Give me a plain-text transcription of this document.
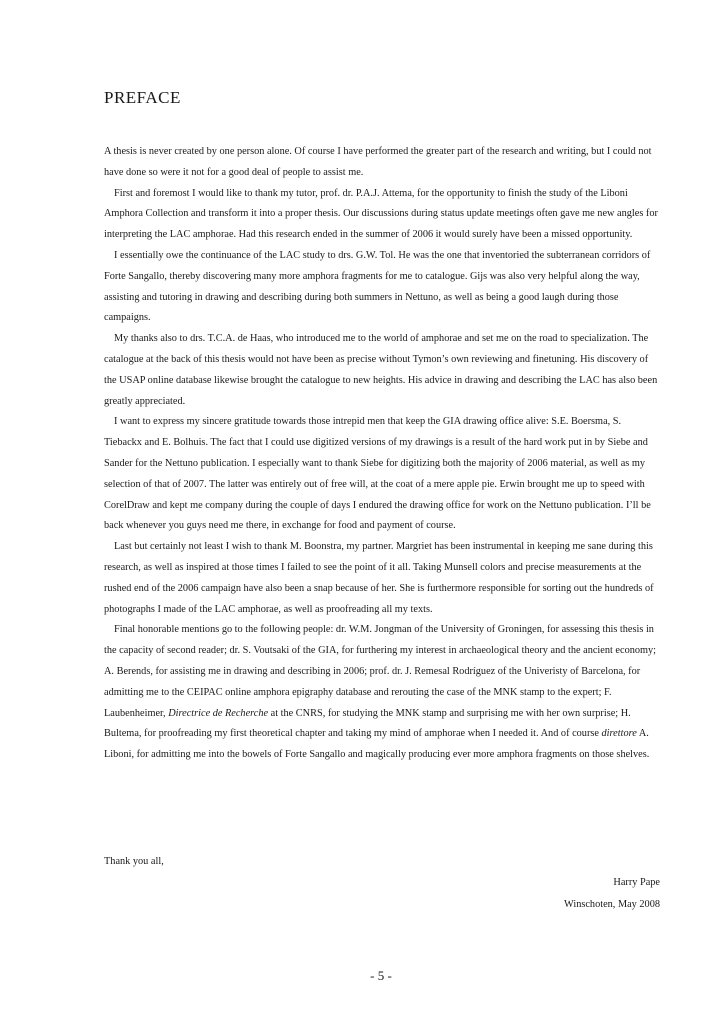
PREFACE

A thesis is never created by one person alone. Of course I have performed the greater part of the research and writing, but I could not have done so were it not for a good deal of people to assist me.

First and foremost I would like to thank my tutor, prof. dr. P.A.J. Attema, for the opportunity to finish the study of the Liboni Amphora Collection and transform it into a proper thesis. Our discussions during status update meetings often gave me new angles for interpreting the LAC amphorae. Had this research ended in the summer of 2006 it would surely have been a missed opportunity.

I essentially owe the continuance of the LAC study to drs. G.W. Tol. He was the one that inventoried the subterranean corridors of Forte Sangallo, thereby discovering many more amphora fragments for me to catalogue. Gijs was also very helpful along the way, assisting and tutoring in drawing and describing during both summers in Nettuno, as well as being a good laugh during those campaigns.

My thanks also to drs. T.C.A. de Haas, who introduced me to the world of amphorae and set me on the road to specialization. The catalogue at the back of this thesis would not have been as precise without Tymon’s own reviewing and finetuning. His discovery of the USAP online database likewise brought the catalogue to new heights. His advice in drawing and describing the LAC has also been greatly appreciated.

I want to express my sincere gratitude towards those intrepid men that keep the GIA drawing office alive: S.E. Boersma, S. Tiebackx and E. Bolhuis. The fact that I could use digitized versions of my drawings is a result of the hard work put in by Siebe and Sander for the Nettuno publication. I especially want to thank Siebe for digitizing both the majority of 2006 material, as well as my selection of that of 2007. The latter was entirely out of free will, at the coat of a mere apple pie. Erwin brought me up to speed with CorelDraw and kept me company during the couple of days I endured the drawing office for work on the Nettuno publication. I’ll be back whenever you guys need me there, in exchange for food and payment of course.

Last but certainly not least I wish to thank M. Boonstra, my partner. Margriet has been instrumental in keeping me sane during this research, as well as inspired at those times I failed to see the point of it all. Taking Munsell colors and precise measurements at the rushed end of the 2006 campaign have also been a snap because of her. She is furthermore responsible for sorting out the hundreds of photographs I made of the LAC amphorae, as well as proofreading all my texts.

Final honorable mentions go to the following people: dr. W.M. Jongman of the University of Groningen, for assessing this thesis in the capacity of second reader; dr. S. Voutsaki of the GIA, for furthering my interest in archaeological theory and the ancient economy; A. Berends, for assisting me in drawing and describing in 2006; prof. dr. J. Remesal Rodríguez of the Univeristy of Barcelona, for admitting me to the CEIPAC online amphora epigraphy database and rerouting the case of the MNK stamp to the expert; F. Laubenheimer, Directrice de Recherche at the CNRS, for studying the MNK stamp and surprising me with her own surprise; H. Bultema, for proofreading my first theoretical chapter and taking my mind of amphorae when I needed it. And of course direttore A. Liboni, for admitting me into the bowels of Forte Sangallo and magically producing ever more amphora fragments on those shelves.

Thank you all,

Harry Pape

Winschoten, May 2008

- 5 -
